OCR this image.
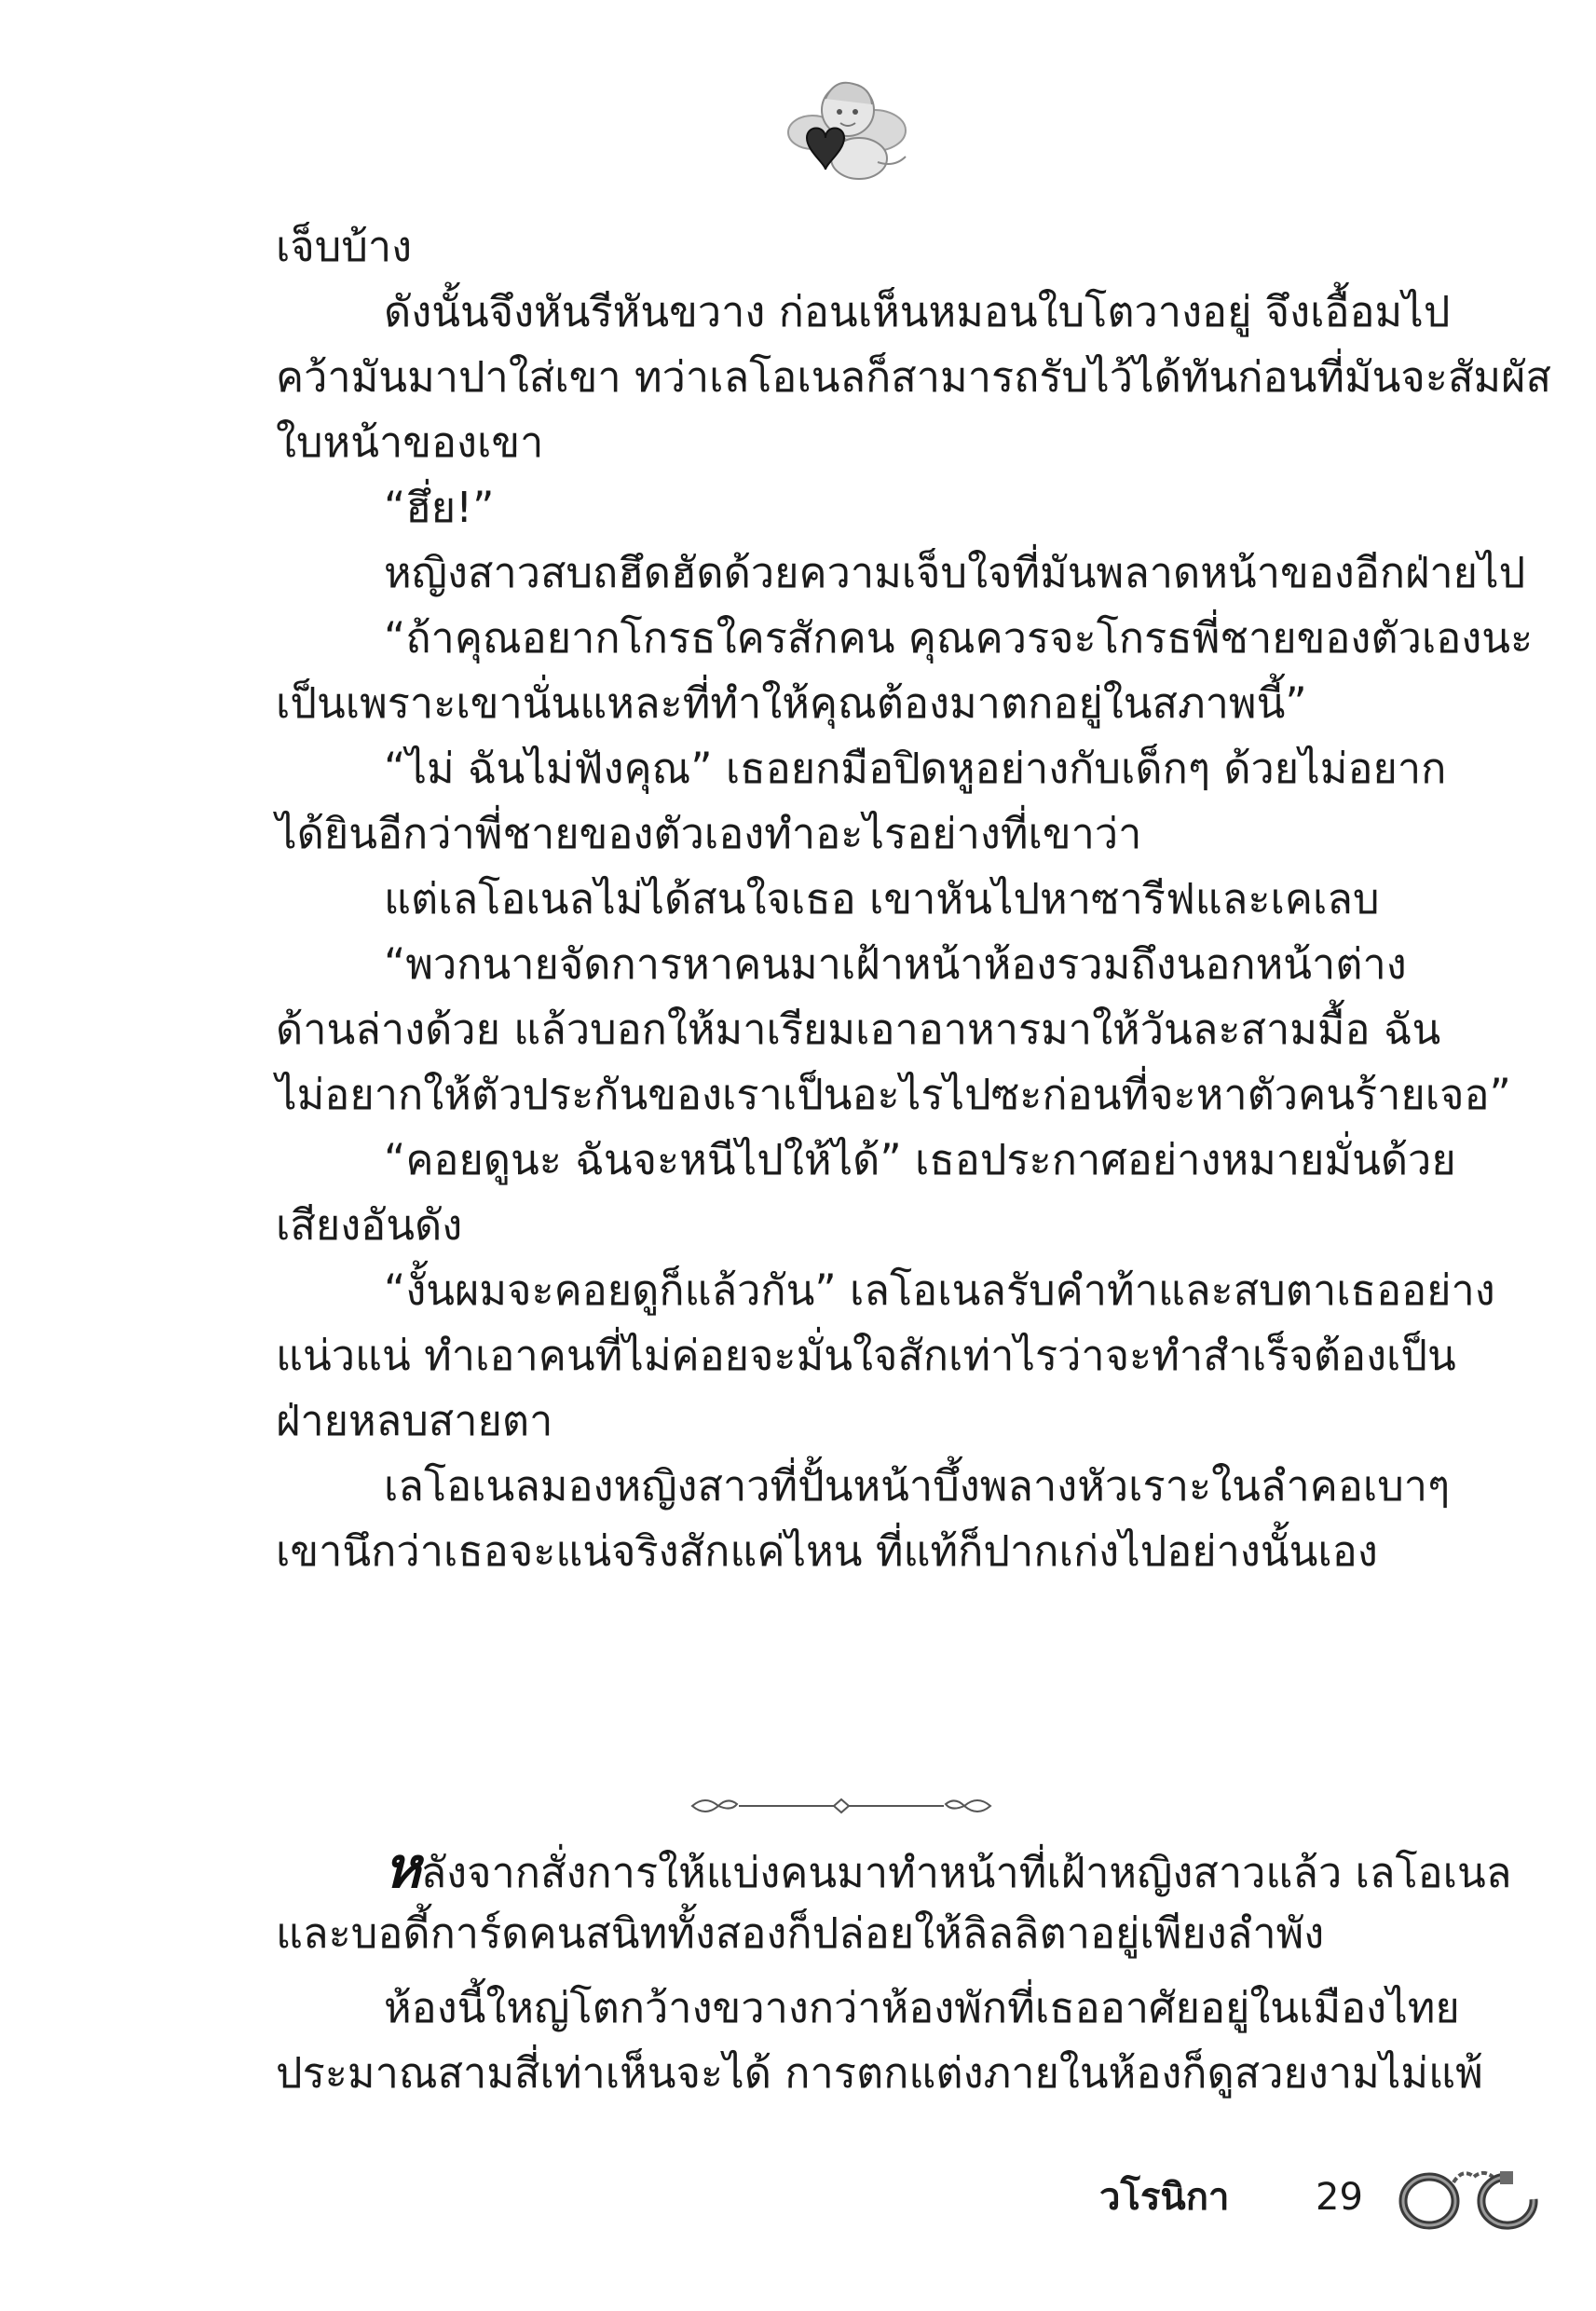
เจ็บบ้าง
ดังนั้นจึงหันรีหันขวาง ก่อนเห็นหมอนใบโตวางอยู่ จึงเอื้อมไป
คว้ามันมาปาใส่เขา ทว่าเลโอเนลก็สามารถรับไว้ได้ทันก่อนที่มันจะสัมผัส
ใบหน้าของเขา
“ฮึ่ย!”
หญิงสาวสบถฮึดฮัดด้วยความเจ็บใจที่มันพลาดหน้าของอีกฝ่ายไป
“ถ้าคุณอยากโกรธใครสักคน คุณควรจะโกรธพี่ชายของตัวเองนะ
เป็นเพราะเขานั่นแหละที่ทำให้คุณต้องมาตกอยู่ในสภาพนี้”
“ไม่ ฉันไม่ฟังคุณ” เธอยกมือปิดหูอย่างกับเด็กๆ ด้วยไม่อยาก
ได้ยินอีกว่าพี่ชายของตัวเองทำอะไรอย่างที่เขาว่า
แต่เลโอเนลไม่ได้สนใจเธอ เขาหันไปหาซารีฟและเคเลบ
“พวกนายจัดการหาคนมาเฝ้าหน้าห้องรวมถึงนอกหน้าต่าง
ด้านล่างด้วย แล้วบอกให้มาเรียมเอาอาหารมาให้วันละสามมื้อ ฉัน
ไม่อยากให้ตัวประกันของเราเป็นอะไรไปซะก่อนที่จะหาตัวคนร้ายเจอ”
“คอยดูนะ ฉันจะหนีไปให้ได้” เธอประกาศอย่างหมายมั่นด้วย
เสียงอันดัง
“งั้นผมจะคอยดูก็แล้วกัน” เลโอเนลรับคำท้าและสบตาเธออย่าง
แน่วแน่ ทำเอาคนที่ไม่ค่อยจะมั่นใจสักเท่าไรว่าจะทำสำเร็จต้องเป็น
ฝ่ายหลบสายตา
เลโอเนลมองหญิงสาวที่ปั้นหน้าบึ้งพลางหัวเราะในลำคอเบาๆ
เขานึกว่าเธอจะแน่จริงสักแค่ไหน ที่แท้ก็ปากเก่งไปอย่างนั้นเอง
หลังจากสั่งการให้แบ่งคนมาทำหน้าที่เฝ้าหญิงสาวแล้ว เลโอเนล
และบอดี้การ์ดคนสนิททั้งสองก็ปล่อยให้ลิลลิตาอยู่เพียงลำพัง
ห้องนี้ใหญ่โตกว้างขวางกว่าห้องพักที่เธออาศัยอยู่ในเมืองไทย
ประมาณสามสี่เท่าเห็นจะได้ การตกแต่งภายในห้องก็ดูสวยงามไม่แพ้
วโรนิกา 29
